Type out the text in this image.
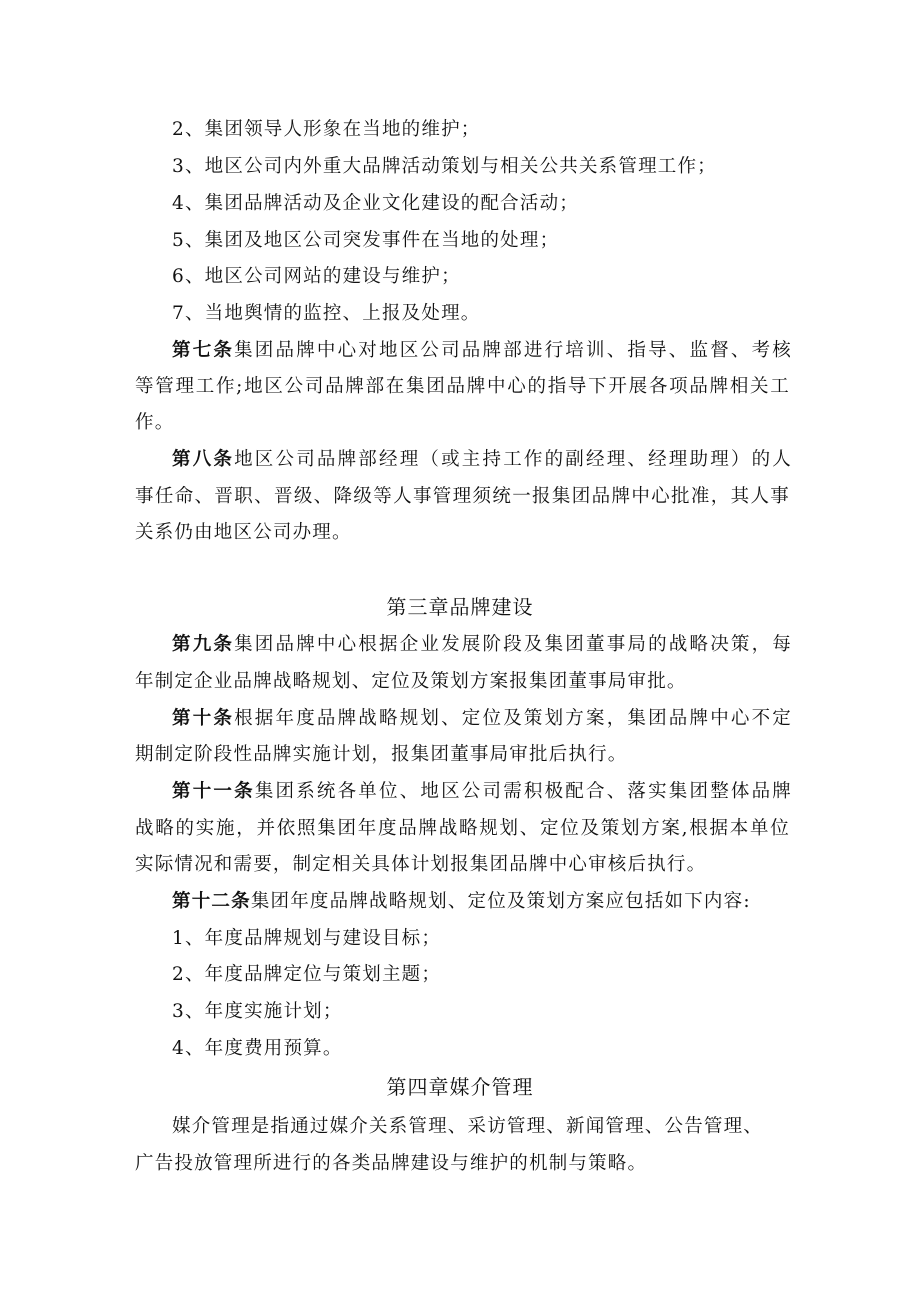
2、集团领导人形象在当地的维护；
3、地区公司内外重大品牌活动策划与相关公共关系管理工作；
4、集团品牌活动及企业文化建设的配合活动；
5、集团及地区公司突发事件在当地的处理；
6、地区公司网站的建设与维护；
7、当地舆情的监控、上报及处理。
第七条集团品牌中心对地区公司品牌部进行培训、指导、监督、考核
等管理工作;地区公司品牌部在集团品牌中心的指导下开展各项品牌相关工
作。
第八条地区公司品牌部经理（或主持工作的副经理、经理助理）的人
事任命、晋职、晋级、降级等人事管理须统一报集团品牌中心批准，其人事
关系仍由地区公司办理。
第三章品牌建设
第九条集团品牌中心根据企业发展阶段及集团董事局的战略决策，每
年制定企业品牌战略规划、定位及策划方案报集团董事局审批。
第十条根据年度品牌战略规划、定位及策划方案，集团品牌中心不定
期制定阶段性品牌实施计划，报集团董事局审批后执行。
第十一条集团系统各单位、地区公司需积极配合、落实集团整体品牌
战略的实施，并依照集团年度品牌战略规划、定位及策划方案,根据本单位
实际情况和需要，制定相关具体计划报集团品牌中心审核后执行。
第十二条集团年度品牌战略规划、定位及策划方案应包括如下内容:
1、年度品牌规划与建设目标；
2、年度品牌定位与策划主题；
3、年度实施计划；
4、年度费用预算。
第四章媒介管理
媒介管理是指通过媒介关系管理、采访管理、新闻管理、公告管理、
广告投放管理所进行的各类品牌建设与维护的机制与策略。
